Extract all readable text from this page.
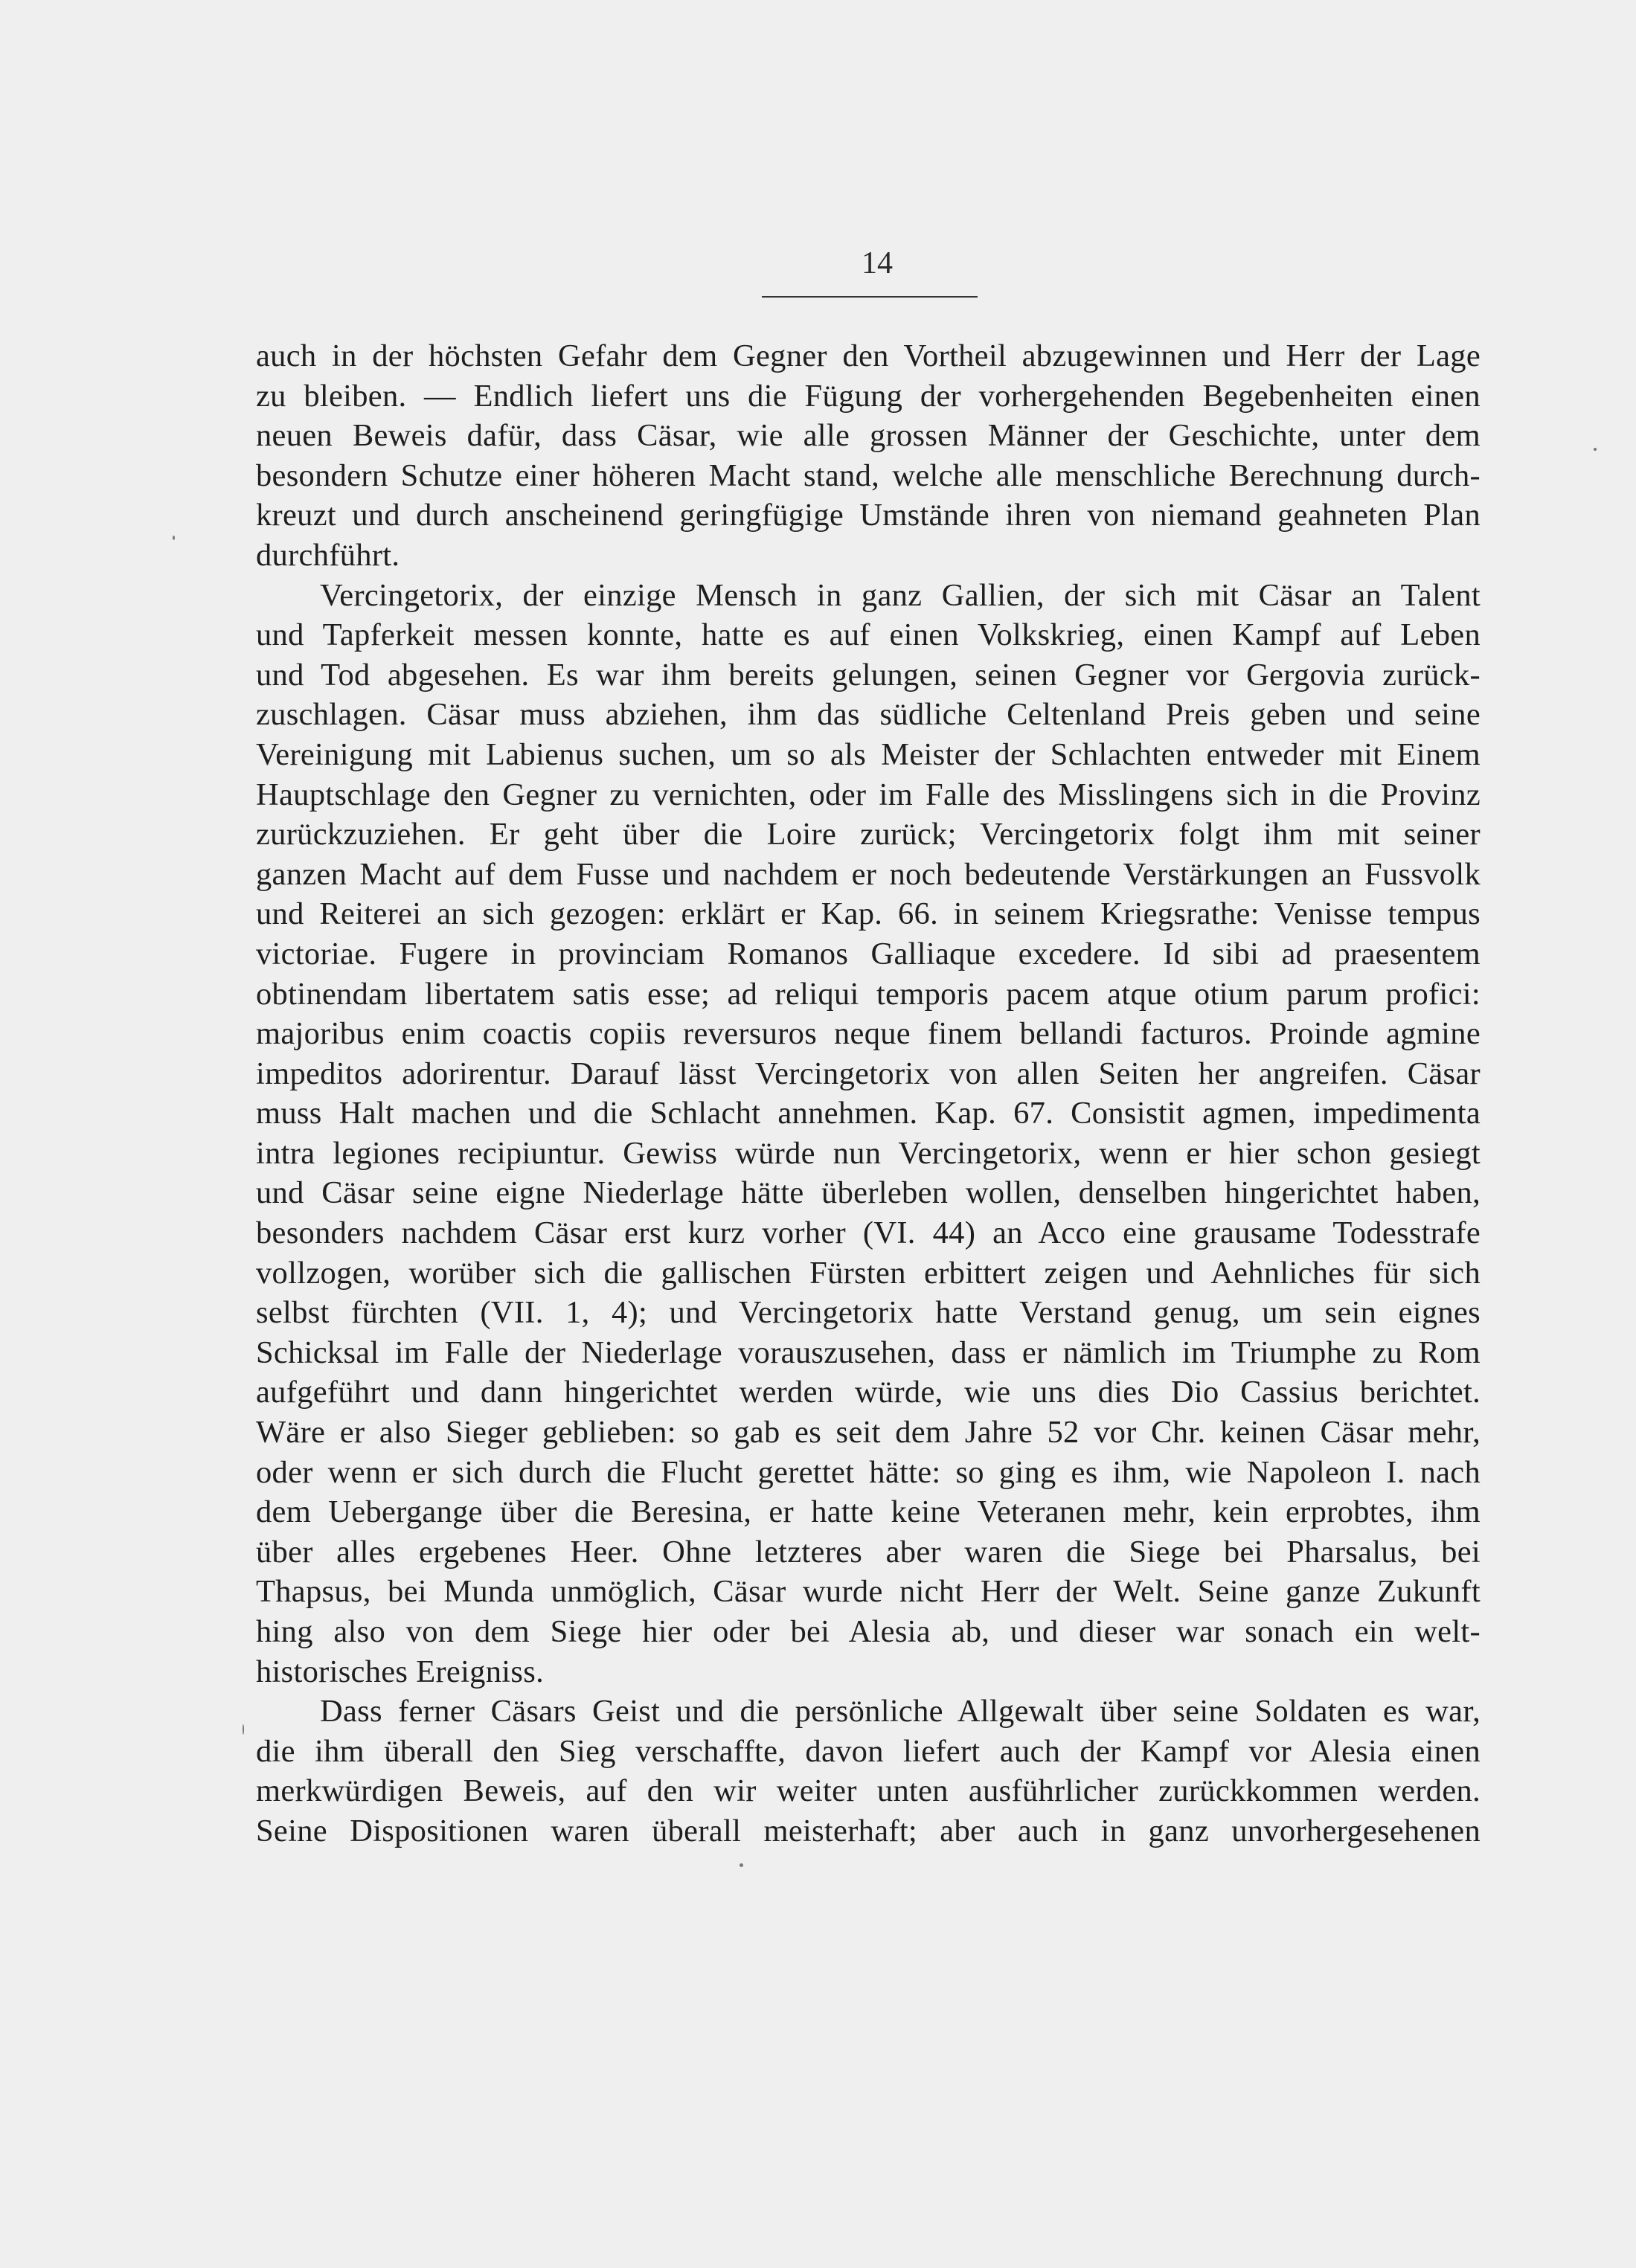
14
auch in der höchsten Gefahr dem Gegner den Vortheil abzugewinnen und Herr der Lage
zu bleiben. — Endlich liefert uns die Fügung der vorhergehenden Begebenheiten einen
neuen Beweis dafür, dass Cäsar, wie alle grossen Männer der Geschichte, unter dem
besondern Schutze einer höheren Macht stand, welche alle menschliche Berechnung durch-
kreuzt und durch anscheinend geringfügige Umstände ihren von niemand geahneten Plan
durchführt.
Vercingetorix, der einzige Mensch in ganz Gallien, der sich mit Cäsar an Talent
und Tapferkeit messen konnte, hatte es auf einen Volkskrieg, einen Kampf auf Leben
und Tod abgesehen. Es war ihm bereits gelungen, seinen Gegner vor Gergovia zurück-
zuschlagen. Cäsar muss abziehen, ihm das südliche Celtenland Preis geben und seine
Vereinigung mit Labienus suchen, um so als Meister der Schlachten entweder mit Einem
Hauptschlage den Gegner zu vernichten, oder im Falle des Misslingens sich in die Provinz
zurückzuziehen. Er geht über die Loire zurück; Vercingetorix folgt ihm mit seiner
ganzen Macht auf dem Fusse und nachdem er noch bedeutende Verstärkungen an Fussvolk
und Reiterei an sich gezogen: erklärt er Kap. 66. in seinem Kriegsrathe: Venisse tempus
victoriae. Fugere in provinciam Romanos Galliaque excedere. Id sibi ad praesentem
obtinendam libertatem satis esse; ad reliqui temporis pacem atque otium parum profici:
majoribus enim coactis copiis reversuros neque finem bellandi facturos. Proinde agmine
impeditos adorirentur. Darauf lässt Vercingetorix von allen Seiten her angreifen. Cäsar
muss Halt machen und die Schlacht annehmen. Kap. 67. Consistit agmen, impedimenta
intra legiones recipiuntur. Gewiss würde nun Vercingetorix, wenn er hier schon gesiegt
und Cäsar seine eigne Niederlage hätte überleben wollen, denselben hingerichtet haben,
besonders nachdem Cäsar erst kurz vorher (VI. 44) an Acco eine grausame Todesstrafe
vollzogen, worüber sich die gallischen Fürsten erbittert zeigen und Aehnliches für sich
selbst fürchten (VII. 1, 4); und Vercingetorix hatte Verstand genug, um sein eignes
Schicksal im Falle der Niederlage vorauszusehen, dass er nämlich im Triumphe zu Rom
aufgeführt und dann hingerichtet werden würde, wie uns dies Dio Cassius berichtet.
Wäre er also Sieger geblieben: so gab es seit dem Jahre 52 vor Chr. keinen Cäsar mehr,
oder wenn er sich durch die Flucht gerettet hätte: so ging es ihm, wie Napoleon I. nach
dem Uebergange über die Beresina, er hatte keine Veteranen mehr, kein erprobtes, ihm
über alles ergebenes Heer. Ohne letzteres aber waren die Siege bei Pharsalus, bei
Thapsus, bei Munda unmöglich, Cäsar wurde nicht Herr der Welt. Seine ganze Zukunft
hing also von dem Siege hier oder bei Alesia ab, und dieser war sonach ein welt-
historisches Ereigniss.
Dass ferner Cäsars Geist und die persönliche Allgewalt über seine Soldaten es war,
die ihm überall den Sieg verschaffte, davon liefert auch der Kampf vor Alesia einen
merkwürdigen Beweis, auf den wir weiter unten ausführlicher zurückkommen werden.
Seine Dispositionen waren überall meisterhaft; aber auch in ganz unvorhergesehenen
